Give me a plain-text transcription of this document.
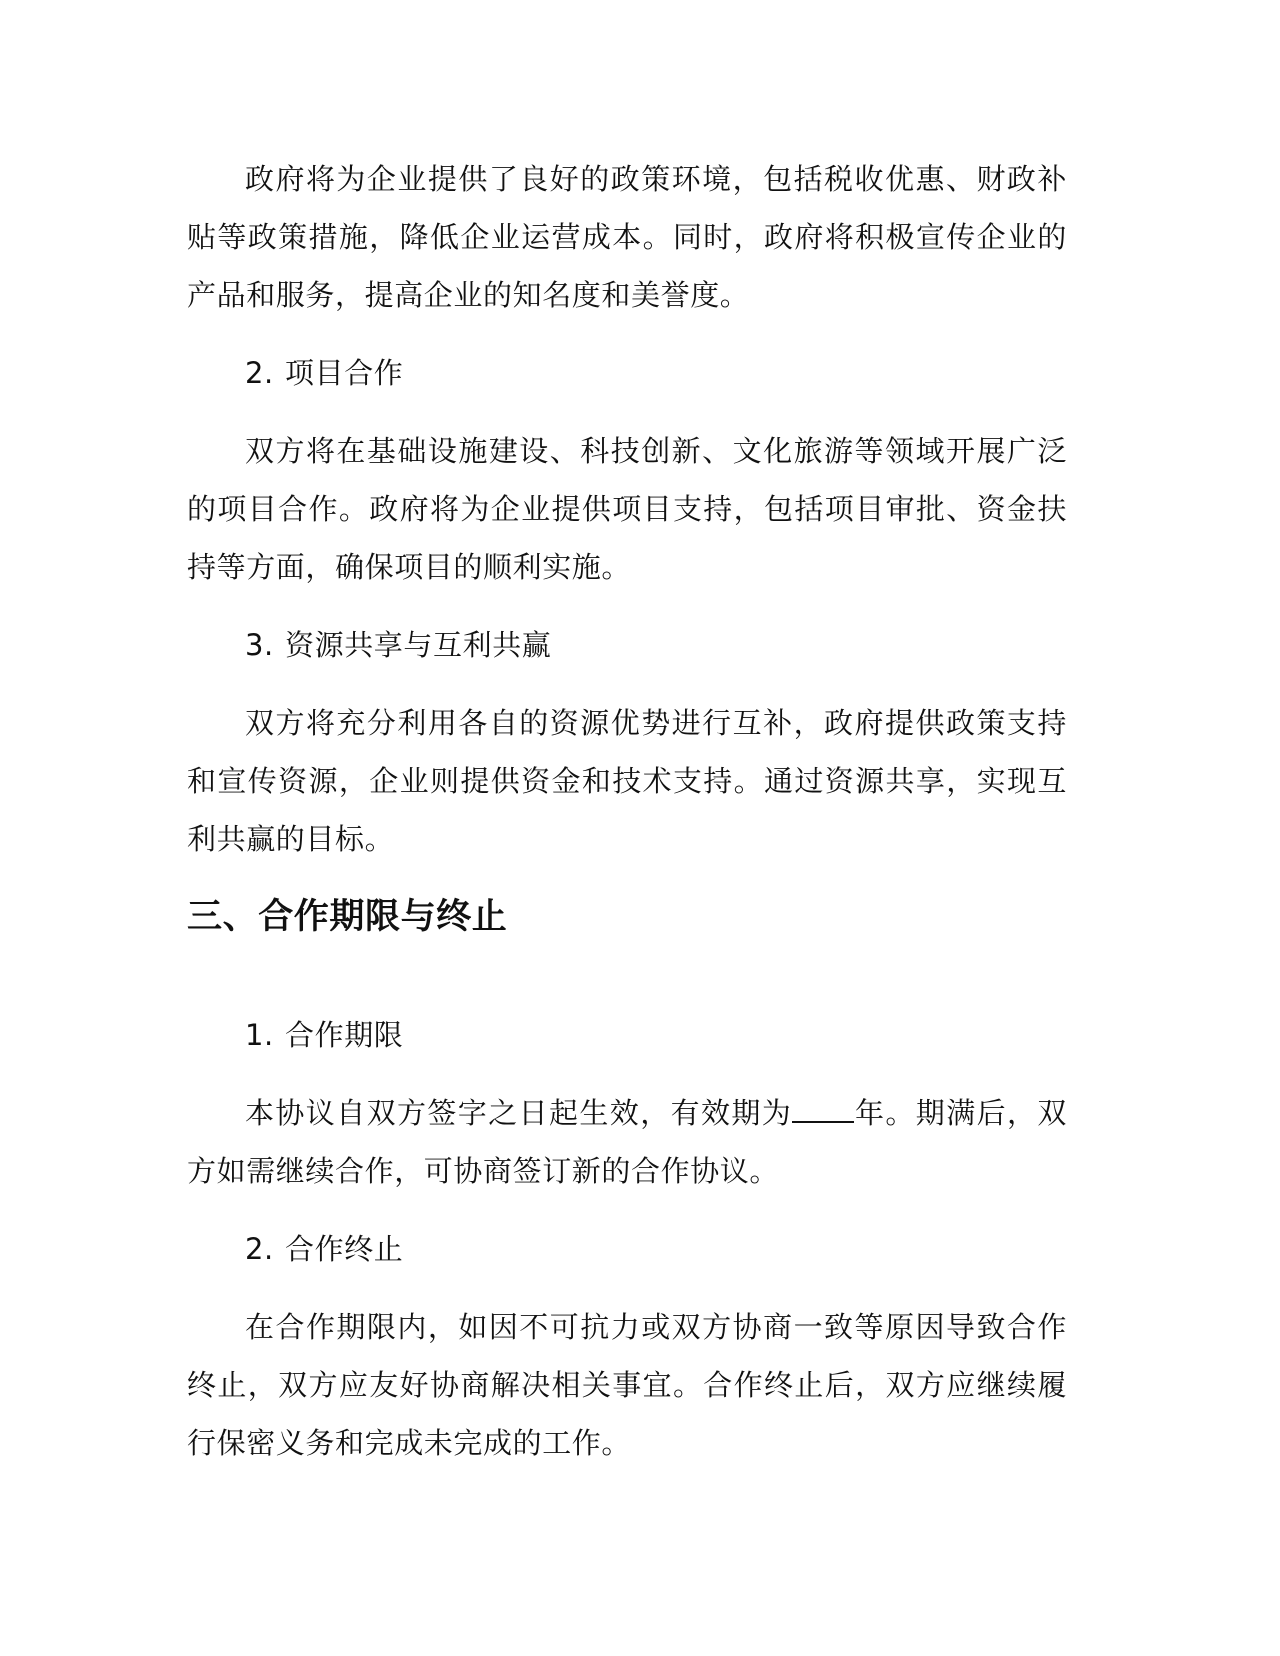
政府将为企业提供了良好的政策环境，包括税收优惠、财政补贴等政策措施，降低企业运营成本。同时，政府将积极宣传企业的产品和服务，提高企业的知名度和美誉度。

2. 项目合作

双方将在基础设施建设、科技创新、文化旅游等领域开展广泛的项目合作。政府将为企业提供项目支持，包括项目审批、资金扶持等方面，确保项目的顺利实施。

3. 资源共享与互利共赢

双方将充分利用各自的资源优势进行互补，政府提供政策支持和宣传资源，企业则提供资金和技术支持。通过资源共享，实现互利共赢的目标。

三、合作期限与终止
1. 合作期限

本协议自双方签字之日起生效，有效期为 年。期满后，双方如需继续合作，可协商签订新的合作协议。

2. 合作终止

在合作期限内，如因不可抗力或双方协商一致等原因导致合作终止，双方应友好协商解决相关事宜。合作终止后，双方应继续履行保密义务和完成未完成的工作。
